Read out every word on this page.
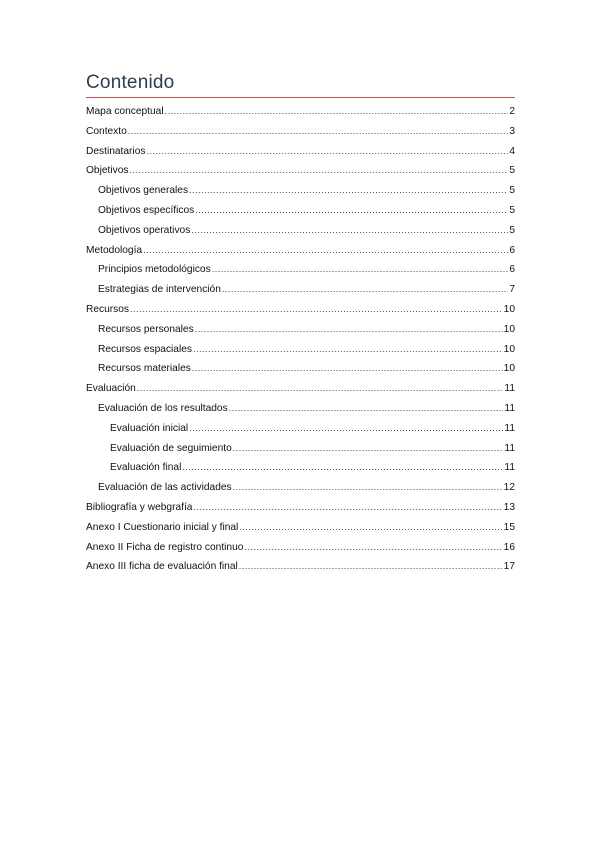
Contenido
Mapa conceptual .....	2
Contexto .....	3
Destinatarios .....	4
Objetivos .....	5
Objetivos generales .....	5
Objetivos específicos .....	5
Objetivos operativos .....	5
Metodología .....	6
Principios metodológicos .....	6
Estrategias de intervención .....	7
Recursos .....	10
Recursos personales .....	10
Recursos espaciales .....	10
Recursos materiales .....	10
Evaluación .....	11
Evaluación de los resultados .....	11
Evaluación inicial .....	11
Evaluación de seguimiento .....	11
Evaluación final .....	11
Evaluación de las actividades .....	12
Bibliografía y webgrafía .....	13
Anexo I Cuestionario inicial y final .....	15
Anexo II Ficha de registro continuo .....	16
Anexo III ficha de evaluación final .....	17
